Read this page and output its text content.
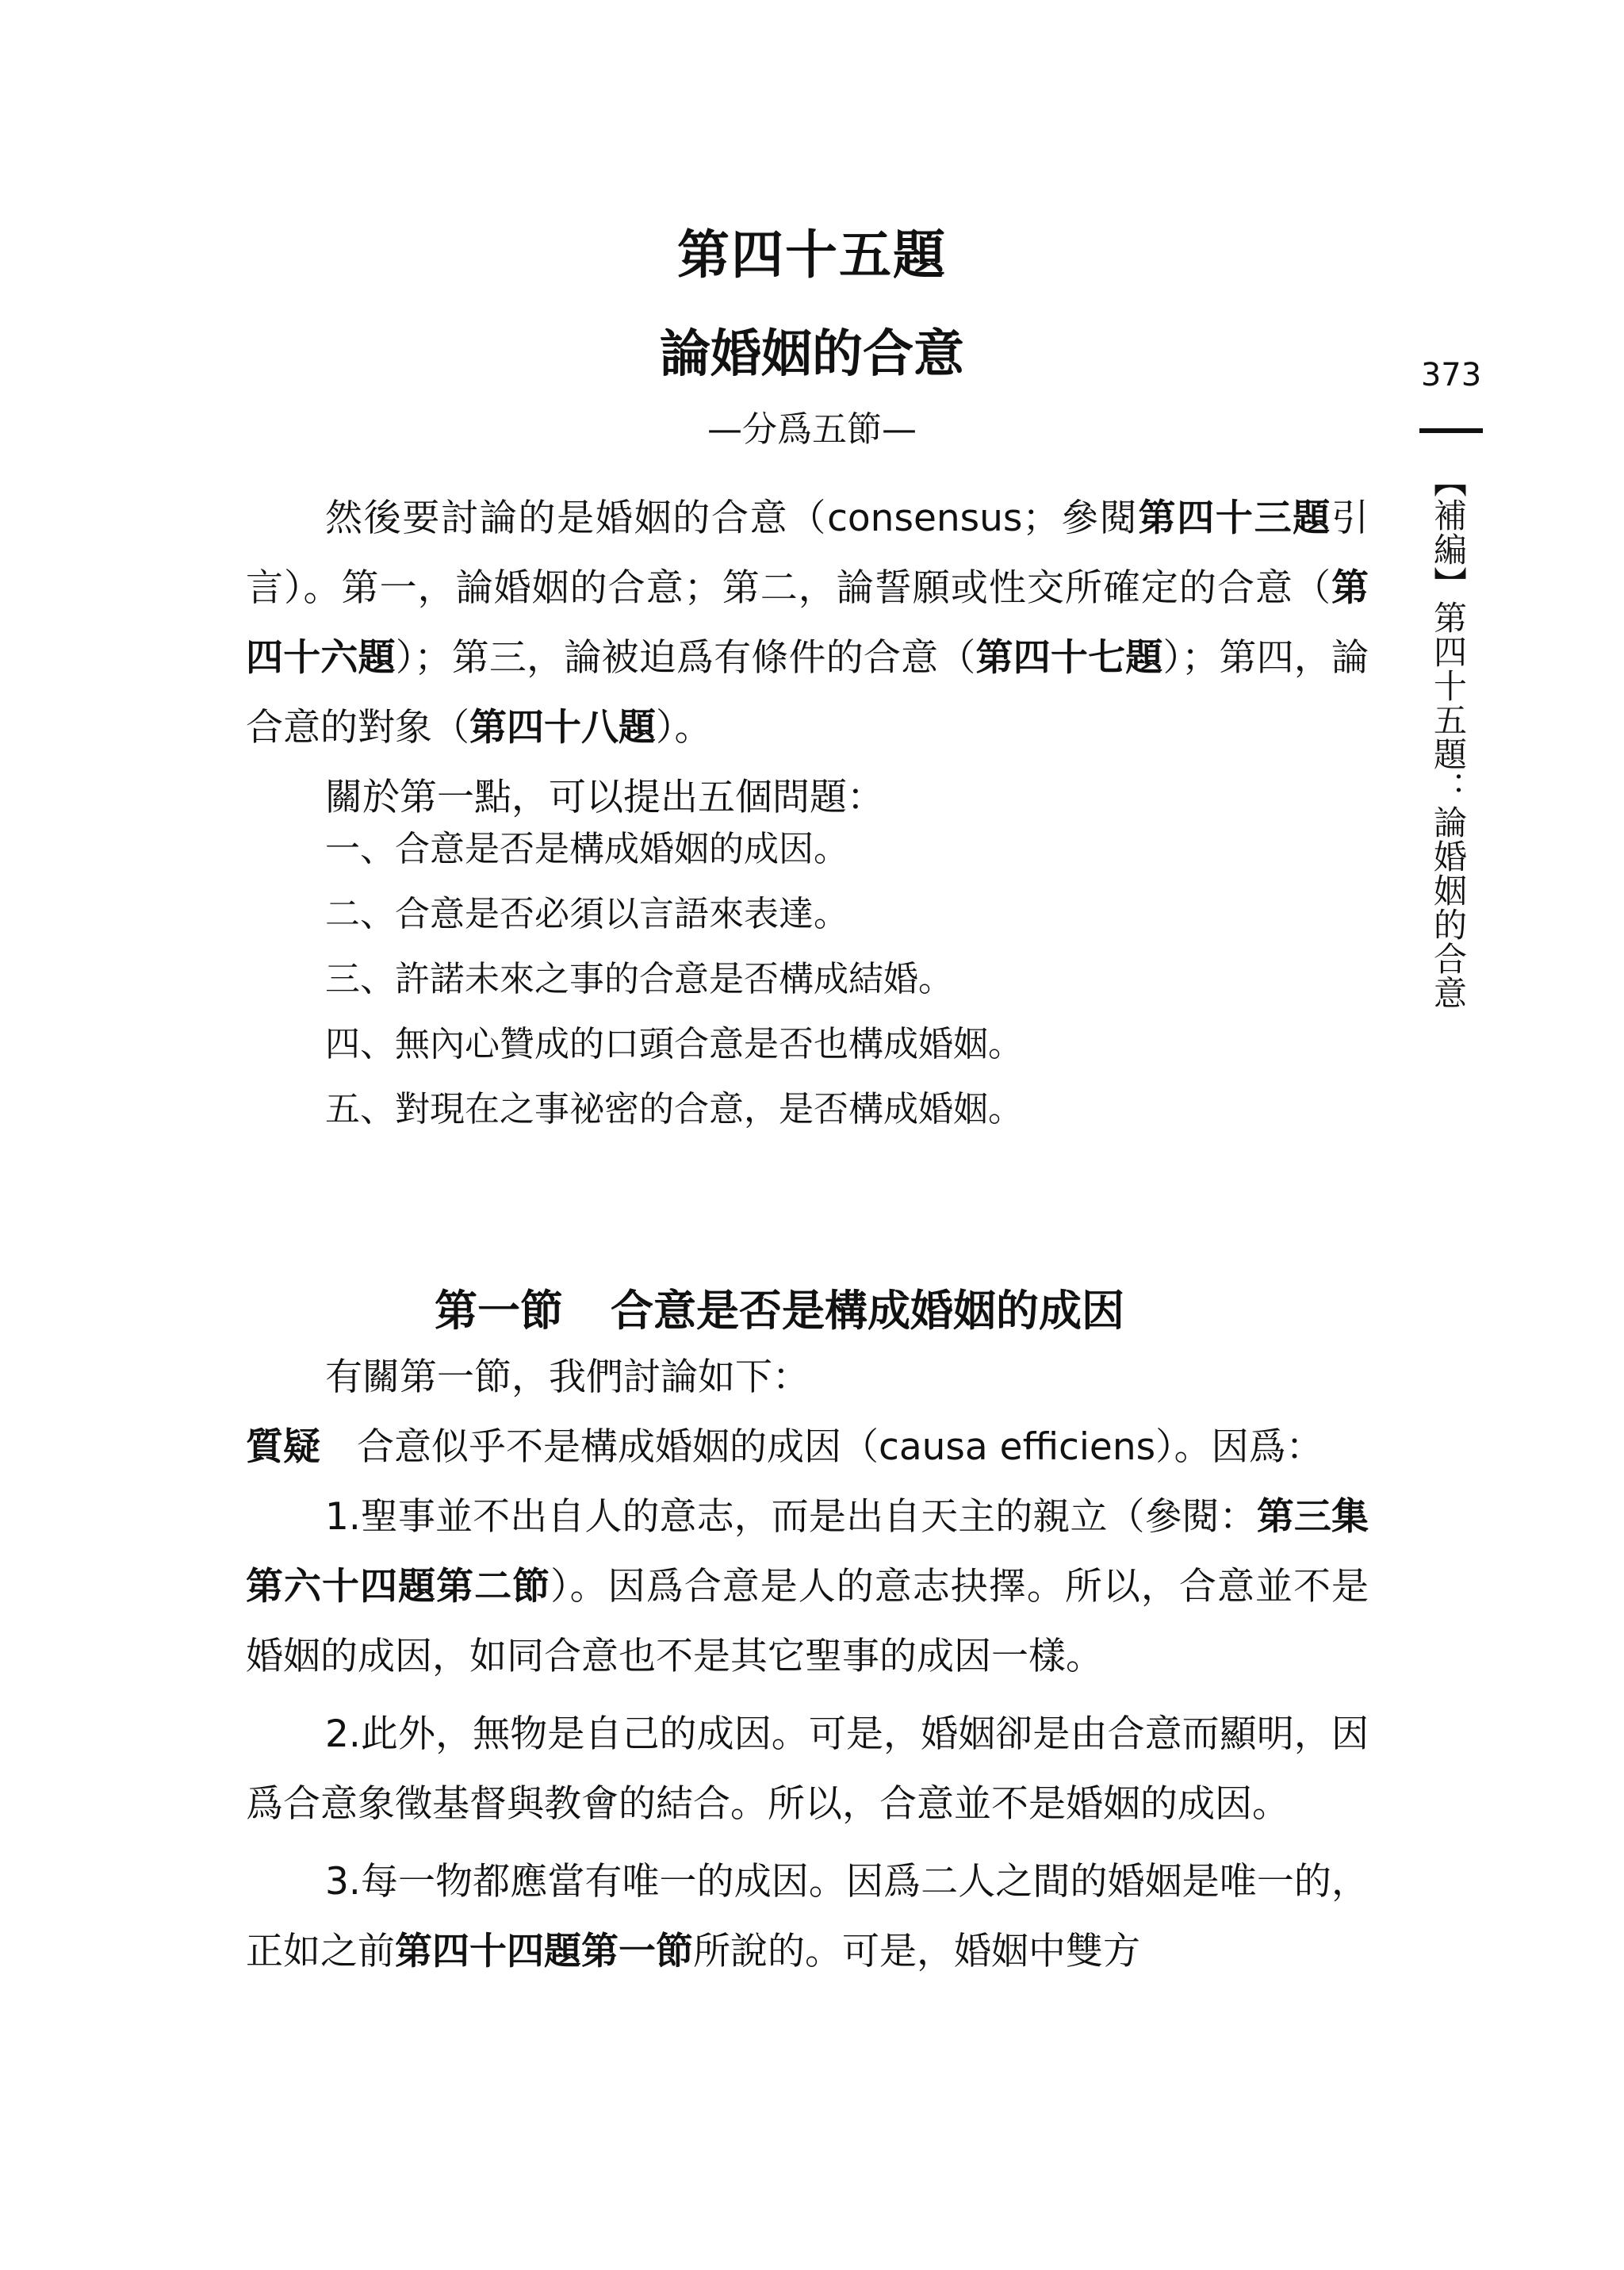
373
【補編】第四十五題：論婚姻的合意
第四十五題
論婚姻的合意
—分爲五節—

然後要討論的是婚姻的合意（consensus；參閱第四十三題引言）。第一，論婚姻的合意；第二，論誓願或性交所確定的合意（第四十六題）；第三，論被迫爲有條件的合意（第四十七題）；第四，論合意的對象（第四十八題）。

關於第一點，可以提出五個問題：

一、合意是否是構成婚姻的成因。
二、合意是否必須以言語來表達。
三、許諾未來之事的合意是否構成結婚。
四、無內心贊成的口頭合意是否也構成婚姻。
五、對現在之事祕密的合意，是否構成婚姻。
第一節 合意是否是構成婚姻的成因

有關第一節，我們討論如下：

質疑 合意似乎不是構成婚姻的成因（causa efficiens）。因爲：

1.聖事並不出自人的意志，而是出自天主的親立（參閱：第三集第六十四題第二節）。因爲合意是人的意志抉擇。所以，合意並不是婚姻的成因，如同合意也不是其它聖事的成因一樣。

2.此外，無物是自己的成因。可是，婚姻卻是由合意而顯明，因爲合意象徵基督與教會的結合。所以，合意並不是婚姻的成因。

3.每一物都應當有唯一的成因。因爲二人之間的婚姻是唯一的，正如之前第四十四題第一節所說的。可是，婚姻中雙方
